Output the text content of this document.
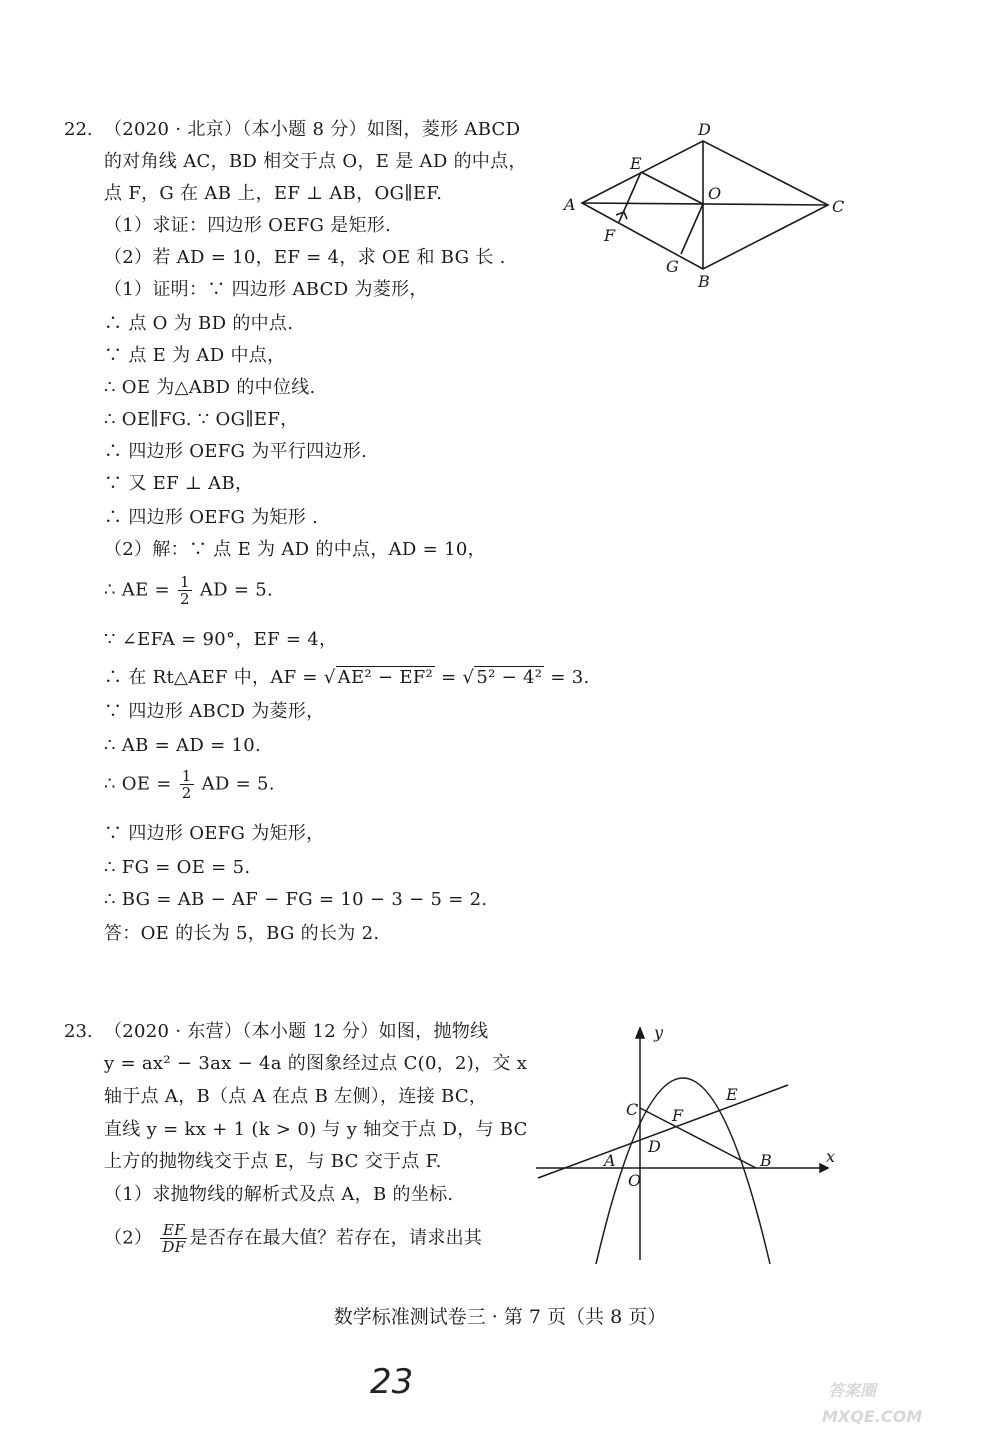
22. （2020 · 北京）（本小题 8 分）如图，菱形 ABCD
的对角线 AC，BD 相交于点 O，E 是 AD 的中点，
点 F，G 在 AB 上，EF ⊥ AB，OG∥EF.
（1）求证：四边形 OEFG 是矩形.
（2）若 AD = 10，EF = 4，求 OE 和 BG 长 .
（1）证明：∵ 四边形 ABCD 为菱形，
∴ 点 O 为 BD 的中点.
∵ 点 E 为 AD 中点，
∴ OE 为△ABD 的中位线.
∴ OE∥FG. ∵ OG∥EF，
∴ 四边形 OEFG 为平行四边形.
∵ 又 EF ⊥ AB，
∴ 四边形 OEFG 为矩形 .
（2）解：∵ 点 E 为 AD 的中点，AD = 10，
∴ AE = $\frac{1}{2}$ AD = 5.
∵ ∠EFA = 90°，EF = 4，
∴ 在 Rt△AEF 中，AF = √ AE² − EF² = √ 5² − 4² = 3.
∵ 四边形 ABCD 为菱形，
∴ AB = AD = 10.
∴ OE = $\frac{1}{2}$ AD = 5.
∵ 四边形 OEFG 为矩形，
∴ FG = OE = 5.
∴ BG = AB − AF − FG = 10 − 3 − 5 = 2.
答：OE 的长为 5，BG 的长为 2.
D
E
A
O
C
F
G
B
23. （2020 · 东营）（本小题 12 分）如图，抛物线
y = ax² − 3ax − 4a 的图象经过点 C(0，2)，交 x
轴于点 A，B（点 A 在点 B 左侧），连接 BC，
直线 y = kx + 1 (k > 0) 与 y 轴交于点 D，与 BC
上方的抛物线交于点 E，与 BC 交于点 F.
（1）求抛物线的解析式及点 A，B 的坐标.
$(2) \frac{EF}{DF}$ 是否存在最大值？若存在，请求出其
y
x
C F
E
D
A	B
O
数学标准测试卷三 · 第 7 页（共 8 页）
23	答案圈
MXQE.COM
